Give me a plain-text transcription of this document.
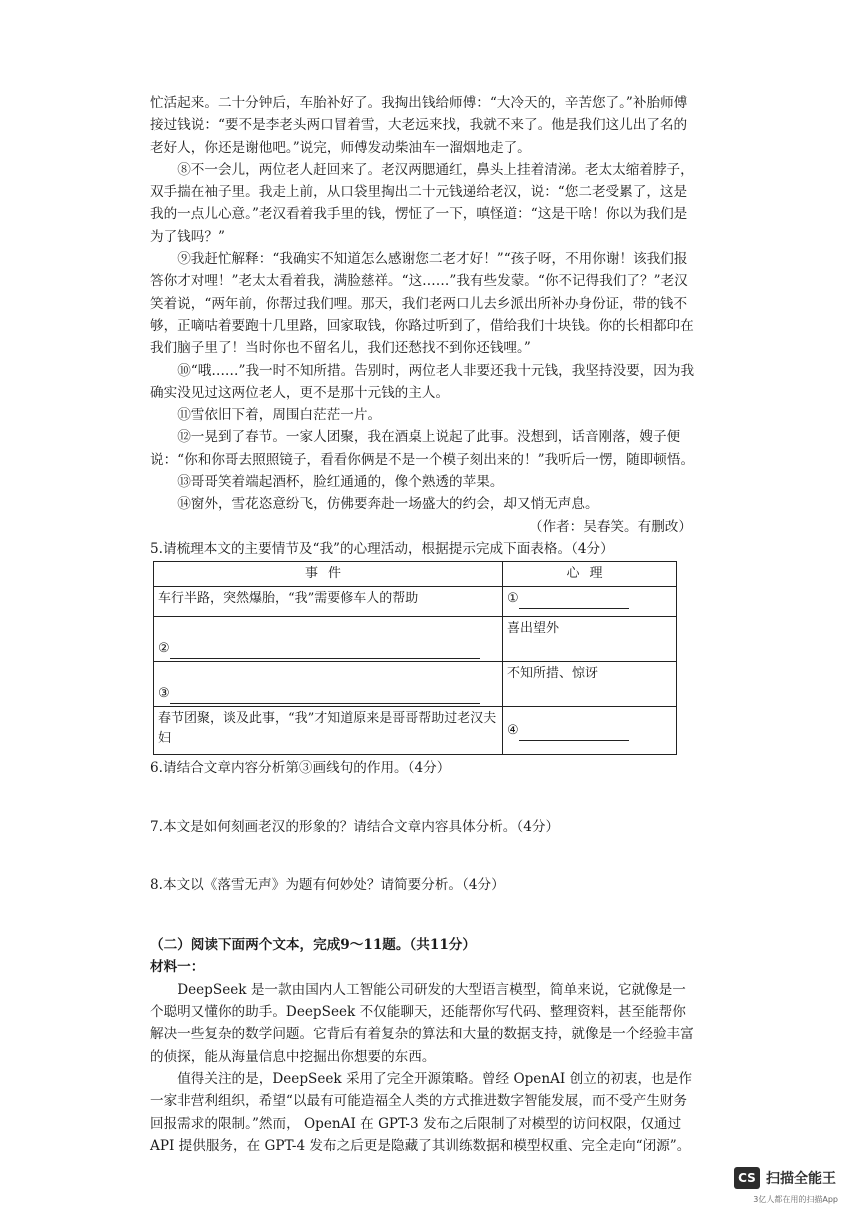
忙活起来。二十分钟后，车胎补好了。我掏出钱给师傅：“大冷天的，辛苦您了。”补胎师傅接过钱说：“要不是李老头两口冒着雪，大老远来找，我就不来了。他是我们这儿出了名的老好人，你还是谢他吧。”说完，师傅发动柴油车一溜烟地走了。

⑧不一会儿，两位老人赶回来了。老汉两腮通红，鼻头上挂着清涕。老太太缩着脖子，双手揣在袖子里。我走上前，从口袋里掏出二十元钱递给老汉，说：“您二老受累了，这是我的一点儿心意。”老汉看着我手里的钱，愣怔了一下，嗔怪道：“这是干啥！你以为我们是为了钱吗？”

⑨我赶忙解释：“我确实不知道怎么感谢您二老才好！”“孩子呀，不用你谢！该我们报答你才对哩！”老太太看着我，满脸慈祥。“这……”我有些发蒙。“你不记得我们了？”老汉笑着说，“两年前，你帮过我们哩。那天，我们老两口儿去乡派出所补办身份证，带的钱不够，正嘀咕着要跑十几里路，回家取钱，你路过听到了，借给我们十块钱。你的长相都印在我们脑子里了！当时你也不留名儿，我们还愁找不到你还钱哩。”

⑩“哦……”我一时不知所措。告别时，两位老人非要还我十元钱，我坚持没要，因为我确实没见过这两位老人，更不是那十元钱的主人。

⑪雪依旧下着，周围白茫茫一片。

⑫一晃到了春节。一家人团聚，我在酒桌上说起了此事。没想到，话音刚落，嫂子便说：“你和你哥去照照镜子，看看你俩是不是一个模子刻出来的！”我听后一愣，随即顿悟。

⑬哥哥笑着端起酒杯，脸红通通的，像个熟透的苹果。

⑭窗外，雪花恣意纷飞，仿佛要奔赴一场盛大的约会，却又悄无声息。

（作者：吴春笑。有删改）

5.请梳理本文的主要情节及“我”的心理活动，根据提示完成下面表格。（4分）

事件	心理
车行半路，突然爆胎，“我”需要修车人的帮助	①

②	喜出望外

③	不知所措、惊讶
春节团聚，谈及此事，“我”才知道原来是哥哥帮助过老汉夫妇	④

6.请结合文章内容分析第③画线句的作用。（4分）

7.本文是如何刻画老汉的形象的？请结合文章内容具体分析。（4分）

8.本文以《落雪无声》为题有何妙处？请简要分析。（4分）

（二）阅读下面两个文本，完成9～11题。（共11分）

材料一：

DeepSeek 是一款由国内人工智能公司研发的大型语言模型，简单来说，它就像是一个聪明又懂你的助手。DeepSeek 不仅能聊天，还能帮你写代码、整理资料，甚至能帮你解决一些复杂的数学问题。它背后有着复杂的算法和大量的数据支持，就像是一个经验丰富的侦探，能从海量信息中挖掘出你想要的东西。

值得关注的是，DeepSeek 采用了完全开源策略。曾经 OpenAI 创立的初衷，也是作一家非营利组织，希望“以最有可能造福全人类的方式推进数字智能发展，而不受产生财务回报需求的限制。”然而， OpenAI 在 GPT-3 发布之后限制了对模型的访问权限，仅通过 API 提供服务，在 GPT-4 发布之后更是隐藏了其训练数据和模型权重、完全走向“闭源”。

CS 扫描全能王
3亿人都在用的扫描App
